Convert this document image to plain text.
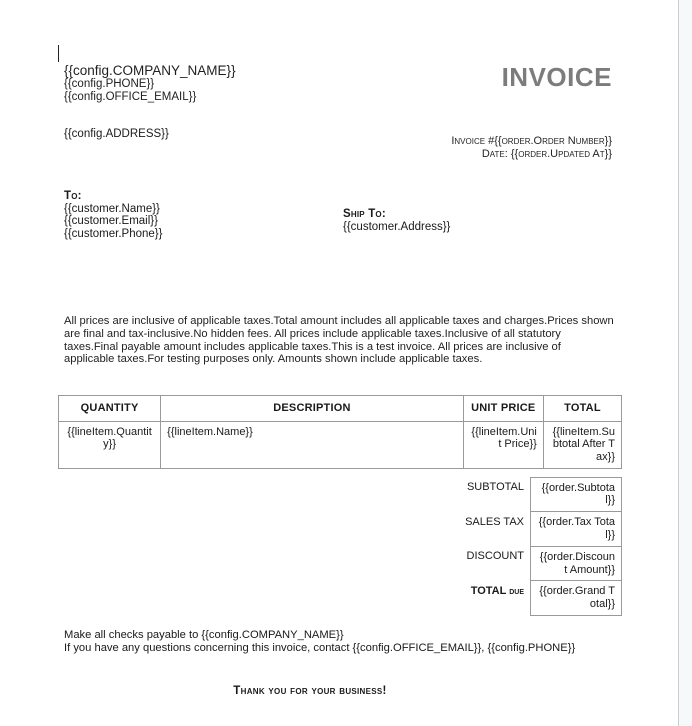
{{config.COMPANY_NAME}}
{{config.PHONE}}
{{config.OFFICE_EMAIL}}
{{config.ADDRESS}}
INVOICE
Invoice #{{order.Order Number}}
Date: {{order.Updated At}}
To:
{{customer.Name}}
{{customer.Email}}
{{customer.Phone}}
Ship To:
{{customer.Address}}
All prices are inclusive of applicable taxes.Total amount includes all applicable taxes and charges.Prices shown are final and tax-inclusive.No hidden fees. All prices include applicable taxes.Inclusive of all statutory taxes.Final payable amount includes applicable taxes.This is a test invoice. All prices are inclusive of applicable taxes.For testing purposes only. Amounts shown include applicable taxes.
QUANTITY	DESCRIPTION	UNIT PRICE	TOTAL
{{lineItem.Quantity}}	{{lineItem.Name}}	{{lineItem.Unit Price}}	{{lineItem.Subtotal After Tax}}
SUBTOTAL	{{order.Subtotal}}
SALES TAX	{{order.Tax Total}}
DISCOUNT	{{order.Discount Amount}}
TOTAL due	{{order.Grand Total}}
Make all checks payable to {{config.COMPANY_NAME}}
If you have any questions concerning this invoice, contact {{config.OFFICE_EMAIL}}, {{config.PHONE}}
Thank you for your business!
